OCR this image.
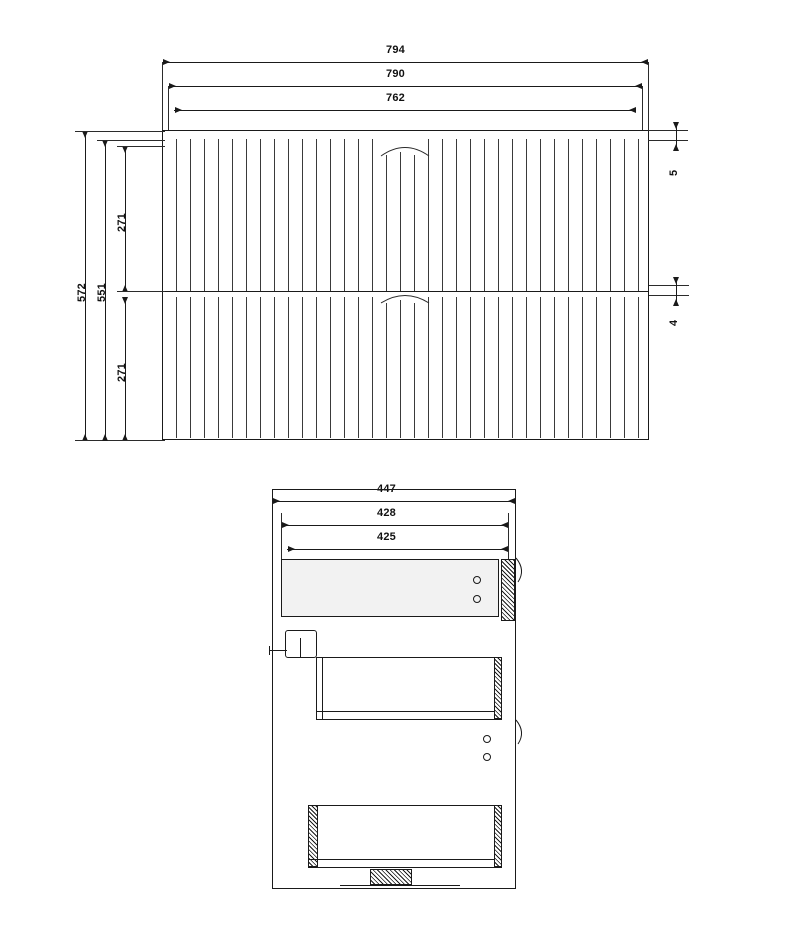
794
790
762
572 551
271
271
5
4
447
428
425
